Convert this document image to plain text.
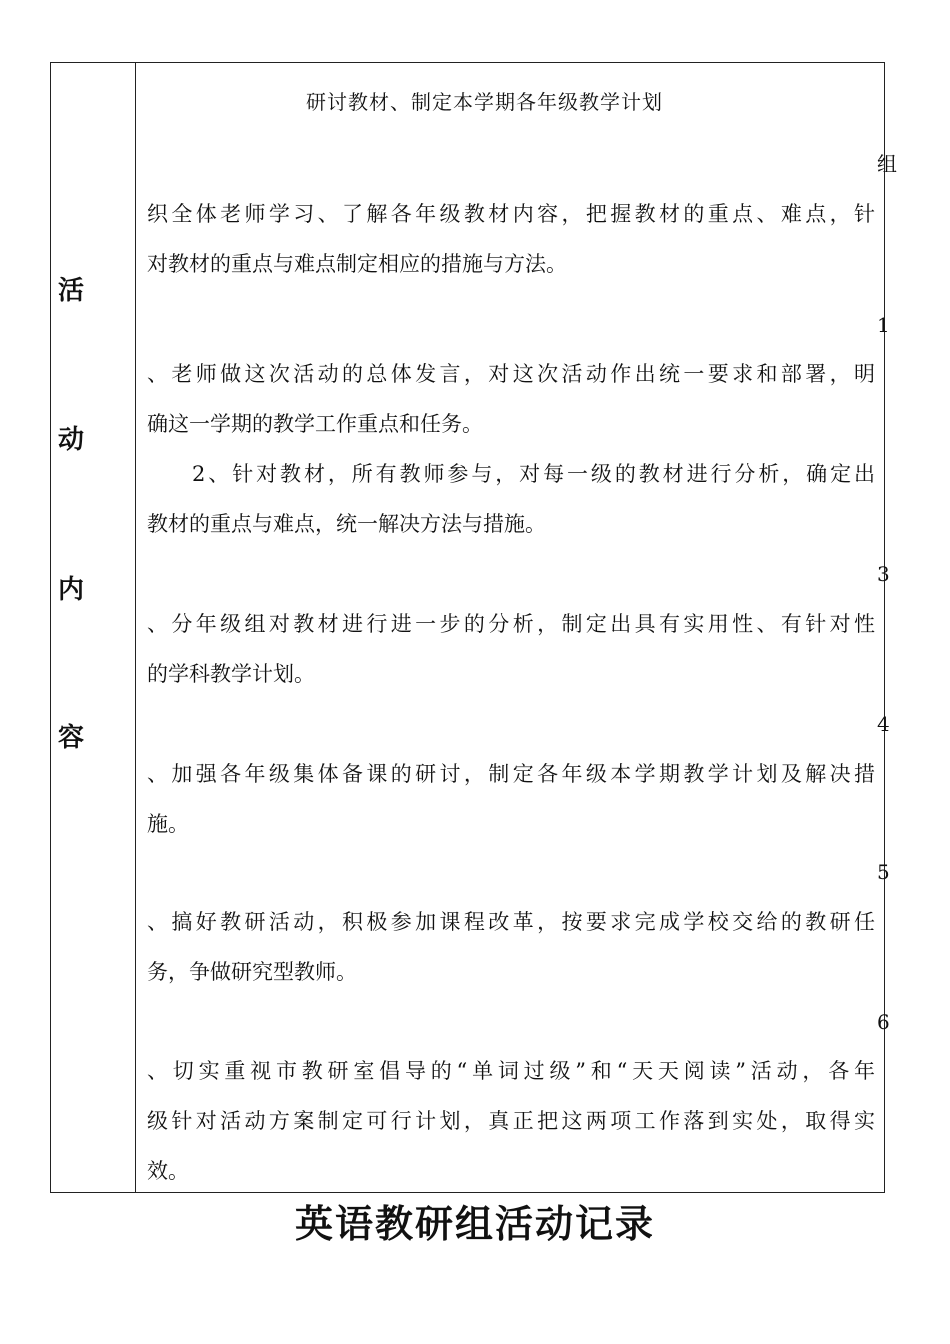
活
动
内
容
研讨教材、制定本学期各年级教学计划
组
织全体老师学习、了解各年级教材内容，把握教材的重点、难点，针
对教材的重点与难点制定相应的措施与方法。
1
、老师做这次活动的总体发言，对这次活动作出统一要求和部署，明
确这一学期的教学工作重点和任务。
2、针对教材，所有教师参与，对每一级的教材进行分析，确定出
教材的重点与难点，统一解决方法与措施。
3
、分年级组对教材进行进一步的分析，制定出具有实用性、有针对性
的学科教学计划。
4
、加强各年级集体备课的研讨，制定各年级本学期教学计划及解决措
施。
5
、搞好教研活动，积极参加课程改革，按要求完成学校交给的教研任
务，争做研究型教师。
6
、切实重视市教研室倡导的“单词过级”和“天天阅读”活动，各年
级针对活动方案制定可行计划，真正把这两项工作落到实处，取得实
效。
英语教研组活动记录
